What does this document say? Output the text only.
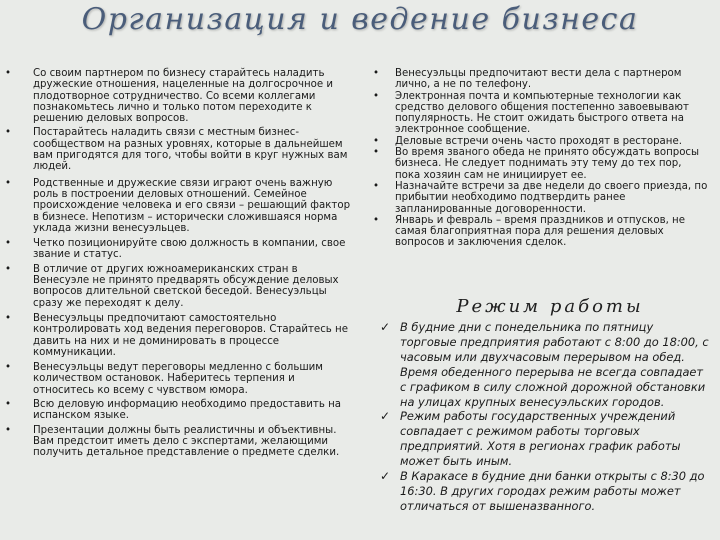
Организация и ведение бизнеса
• Со своим партнером по бизнесу старайтесь наладить дружеские отношения, нацеленные на долгосрочное и плодотворное сотрудничество. Со всеми коллегами познакомьтесь лично и только потом переходите к решению деловых вопросов.
• Постарайтесь наладить связи с местным бизнес-сообществом на разных уровнях, которые в дальнейшем вам пригодятся для того, чтобы войти в круг нужных вам людей.
• Родственные и дружеские связи играют очень важную роль в построении деловых отношений. Семейное происхождение человека и его связи – решающий фактор в бизнесе. Непотизм – исторически сложившаяся норма уклада жизни венесуэльцев.
• Четко позиционируйте свою должность в компании, свое звание и статус.
• В отличие от других южноамериканских стран в Венесуэле не принято предварять обсуждение деловых вопросов длительной светской беседой. Венесуэльцы сразу же переходят к делу.
• Венесуэльцы предпочитают самостоятельно контролировать ход ведения переговоров. Старайтесь не давить на них и не доминировать в процессе коммуникации.
• Венесуэльцы ведут переговоры медленно с большим количеством остановок. Наберитесь терпения и относитесь ко всему с чувством юмора.
• Всю деловую информацию необходимо предоставить на испанском языке.
• Презентации должны быть реалистичны и объективны. Вам предстоит иметь дело с экспертами, желающими получить детальное представление о предмете сделки.
• Венесуэльцы предпочитают вести дела с партнером лично, а не по телефону.
• Электронная почта и компьютерные технологии как средство делового общения постепенно завоевывают популярность. Не стоит ожидать быстрого ответа на электронное сообщение.
• Деловые встречи очень часто проходят в ресторане.
• Во время званого обеда не принято обсуждать вопросы бизнеса. Не следует поднимать эту тему до тех пор, пока хозяин сам не инициирует ее.
• Назначайте встречи за две недели до своего приезда, по прибытии необходимо подтвердить ранее запланированные договоренности.
• Январь и февраль – время праздников и отпусков, не самая благоприятная пора для решения деловых вопросов и заключения сделок.
Режим работы
✓ В будние дни с понедельника по пятницу торговые предприятия работают с 8:00 до 18:00, с часовым или двухчасовым перерывом на обед. Время обеденного перерыва не всегда совпадает с графиком в силу сложной дорожной обстановки на улицах крупных венесуэльских городов.
✓ Режим работы государственных учреждений совпадает с режимом работы торговых предприятий. Хотя в регионах график работы может быть иным.
✓ В Каракасе в будние дни банки открыты с 8:30 до 16:30. В других городах режим работы может отличаться от вышеназванного.
